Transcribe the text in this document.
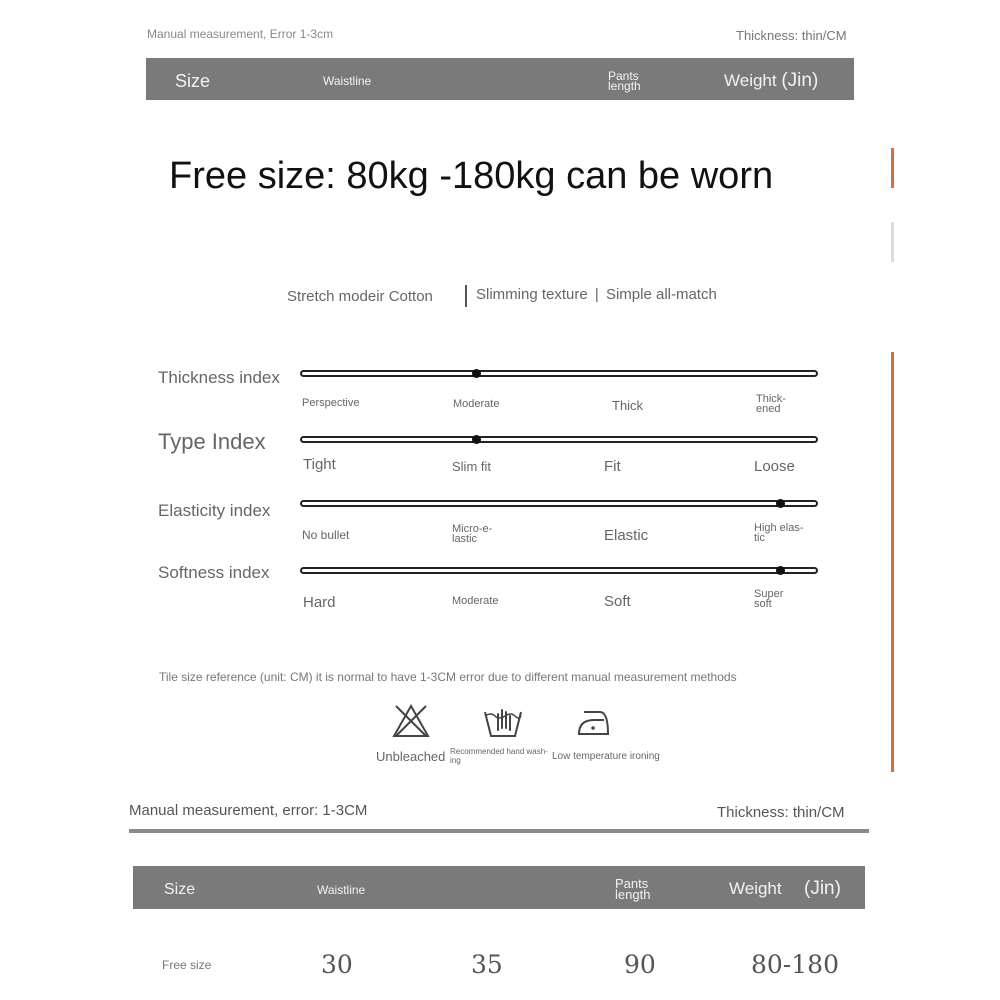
Manual measurement, Error 1-3cm	Thickness: thin/CM
Size	Waistline	Pants
length	Weight (Jin)
Free size: 80kg -180kg can be worn
Stretch modeir Cotton	Slimming texture | Simple all-match
Thickness index
Perspective	Moderate	Thick	Thick-
ened
Type Index
Tight	Slim fit	Fit	Loose
Elasticity index
No bullet	Micro-e-
lastic	Elastic	High elas-
tic
Softness index
Hard	Moderate	Soft	Super
soft
Tile size reference (unit: CM) it is normal to have 1-3CM error due to different manual measurement methods
Unbleached Recommended hand wash-
ing	Low temperature ironing
Manual measurement, error: 1-3CM	Thickness: thin/CM
Size	Waistline	Pants
length	Weight (Jin)
Free size	30	35	90	80-180
